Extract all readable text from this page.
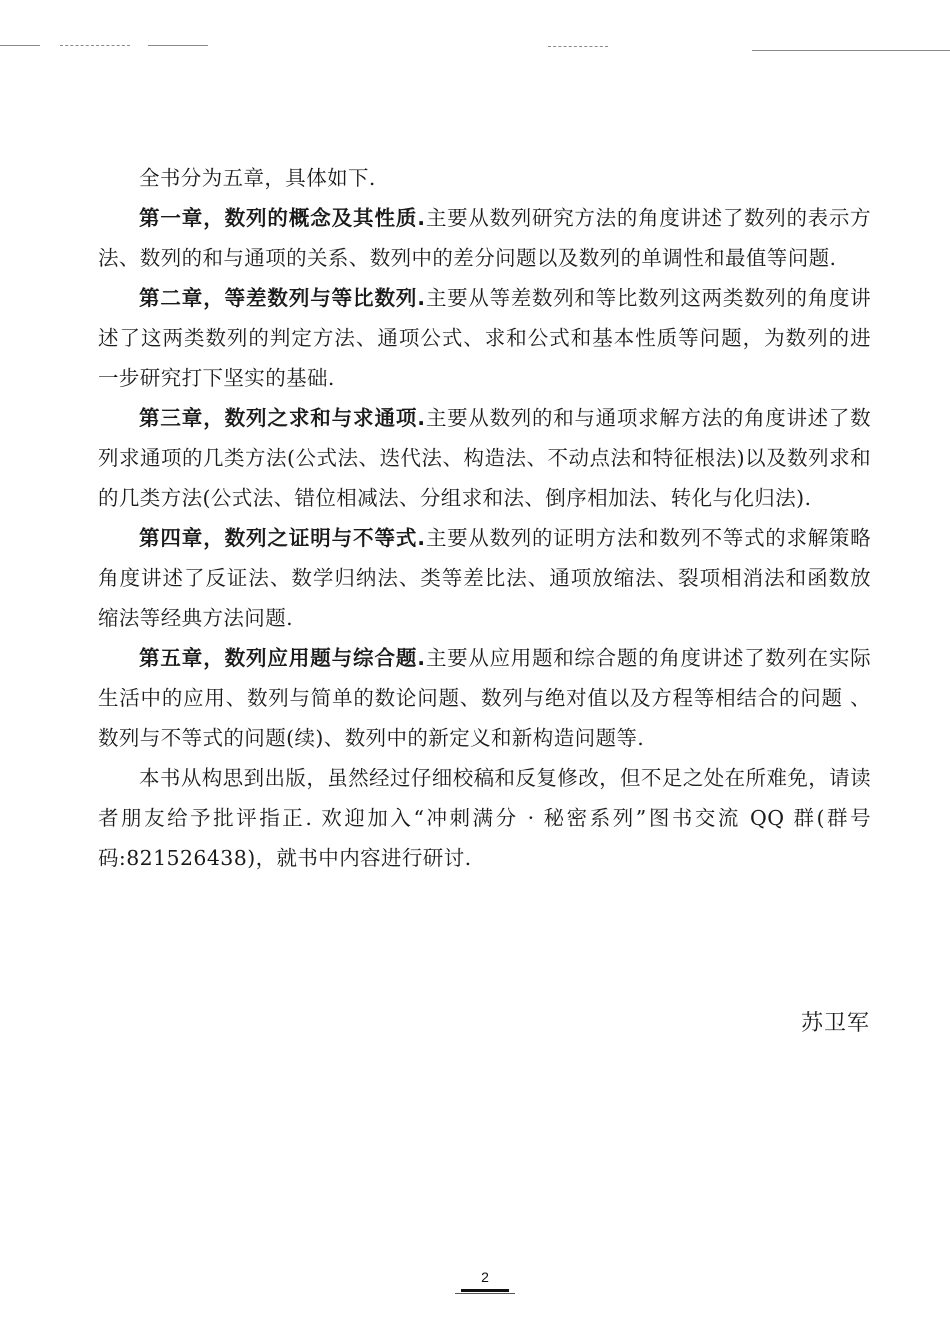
全书分为五章，具体如下.

第一章，数列的概念及其性质.主要从数列研究方法的角度讲述了数列的表示方法、数列的和与通项的关系、数列中的差分问题以及数列的单调性和最值等问题.

第二章，等差数列与等比数列.主要从等差数列和等比数列这两类数列的角度讲述了这两类数列的判定方法、通项公式、求和公式和基本性质等问题，为数列的进一步研究打下坚实的基础.

第三章，数列之求和与求通项.主要从数列的和与通项求解方法的角度讲述了数列求通项的几类方法(公式法、迭代法、构造法、不动点法和特征根法)以及数列求和的几类方法(公式法、错位相减法、分组求和法、倒序相加法、转化与化归法).

第四章，数列之证明与不等式.主要从数列的证明方法和数列不等式的求解策略角度讲述了反证法、数学归纳法、类等差比法、通项放缩法、裂项相消法和函数放缩法等经典方法问题.

第五章，数列应用题与综合题.主要从应用题和综合题的角度讲述了数列在实际生活中的应用、数列与简单的数论问题、数列与绝对值以及方程等相结合的问题 、数列与不等式的问题(续)、数列中的新定义和新构造问题等.

本书从构思到出版，虽然经过仔细校稿和反复修改，但不足之处在所难免，请读者朋友给予批评指正. 欢迎加入“冲刺满分 · 秘密系列”图书交流 QQ 群(群号码:821526438)，就书中内容进行研讨.

苏卫军
2
